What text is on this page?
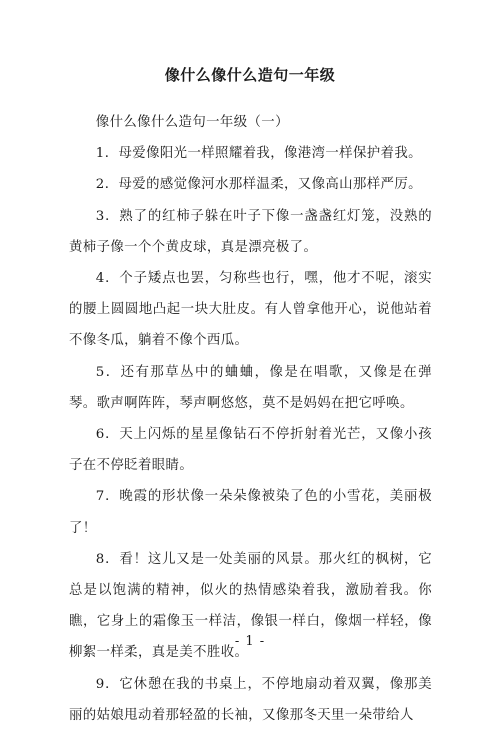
像什么像什么造句一年级

像什么像什么造句一年级（一）

1．母爱像阳光一样照耀着我，像港湾一样保护着我。

2．母爱的感觉像河水那样温柔，又像高山那样严厉。

3．熟了的红柿子躲在叶子下像一盏盏红灯笼，没熟的黄柿子像一个个黄皮球，真是漂亮极了。

4．个子矮点也罢，匀称些也行，嘿，他才不呢，滚实的腰上圆圆地凸起一块大肚皮。有人曾拿他开心，说他站着不像冬瓜，躺着不像个西瓜。

5．还有那草丛中的蛐蛐，像是在唱歌，又像是在弹琴。歌声啊阵阵，琴声啊悠悠，莫不是妈妈在把它呼唤。

6．天上闪烁的星星像钻石不停折射着光芒，又像小孩子在不停眨着眼睛。

7．晚霞的形状像一朵朵像被染了色的小雪花，美丽极了！

8．看！这儿又是一处美丽的风景。那火红的枫树，它总是以饱满的精神，似火的热情感染着我，激励着我。你瞧，它身上的霜像玉一样洁，像银一样白，像烟一样轻，像柳絮一样柔，真是美不胜收。

9．它休憩在我的书桌上，不停地扇动着双翼，像那美丽的姑娘甩动着那轻盈的长袖，又像那冬天里一朵带给人

- 1 -
